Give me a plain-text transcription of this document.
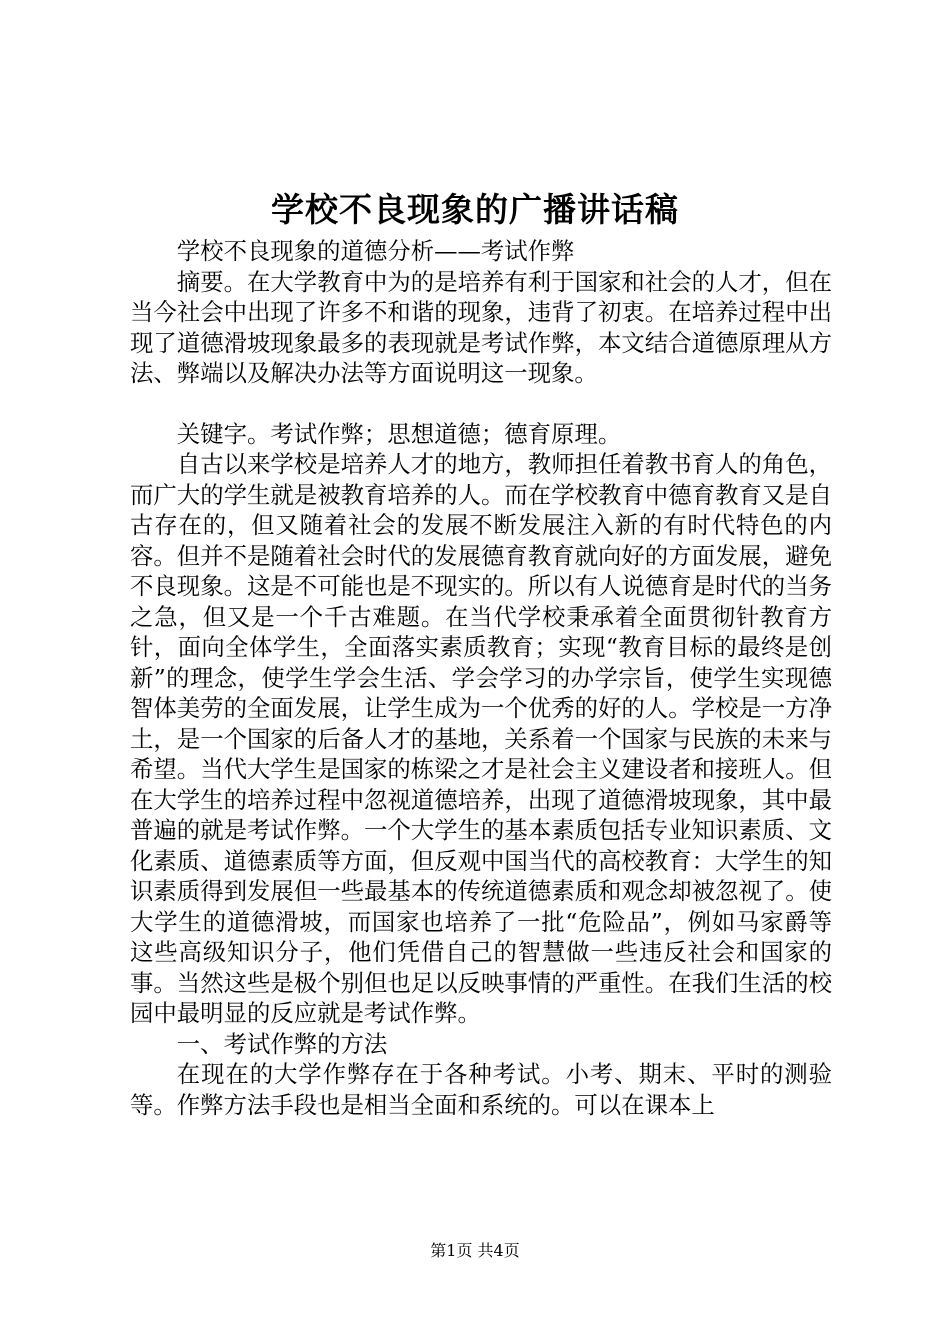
学校不良现象的广播讲话稿

学校不良现象的道德分析——考试作弊

摘要。在大学教育中为的是培养有利于国家和社会的人才，但在当今社会中出现了许多不和谐的现象，违背了初衷。在培养过程中出现了道德滑坡现象最多的表现就是考试作弊，本文结合道德原理从方法、弊端以及解决办法等方面说明这一现象。

关键字。考试作弊；思想道德；德育原理。

自古以来学校是培养人才的地方，教师担任着教书育人的角色，而广大的学生就是被教育培养的人。而在学校教育中德育教育又是自古存在的，但又随着社会的发展不断发展注入新的有时代特色的内容。但并不是随着社会时代的发展德育教育就向好的方面发展，避免不良现象。这是不可能也是不现实的。所以有人说德育是时代的当务之急，但又是一个千古难题。在当代学校秉承着全面贯彻针教育方针，面向全体学生，全面落实素质教育；实现“教育目标的最终是创新”的理念，使学生学会生活、学会学习的办学宗旨，使学生实现德智体美劳的全面发展，让学生成为一个优秀的好的人。学校是一方净土，是一个国家的后备人才的基地，关系着一个国家与民族的未来与希望。当代大学生是国家的栋梁之才是社会主义建设者和接班人。但在大学生的培养过程中忽视道德培养，出现了道德滑坡现象，其中最普遍的就是考试作弊。一个大学生的基本素质包括专业知识素质、文化素质、道德素质等方面，但反观中国当代的高校教育：大学生的知识素质得到发展但一些最基本的传统道德素质和观念却被忽视了。使大学生的道德滑坡，而国家也培养了一批“危险品”，例如马家爵等这些高级知识分子，他们凭借自己的智慧做一些违反社会和国家的事。当然这些是极个别但也足以反映事情的严重性。在我们生活的校园中最明显的反应就是考试作弊。

一、考试作弊的方法

在现在的大学作弊存在于各种考试。小考、期末、平时的测验等。作弊方法手段也是相当全面和系统的。可以在课本上

第1页 共4页
